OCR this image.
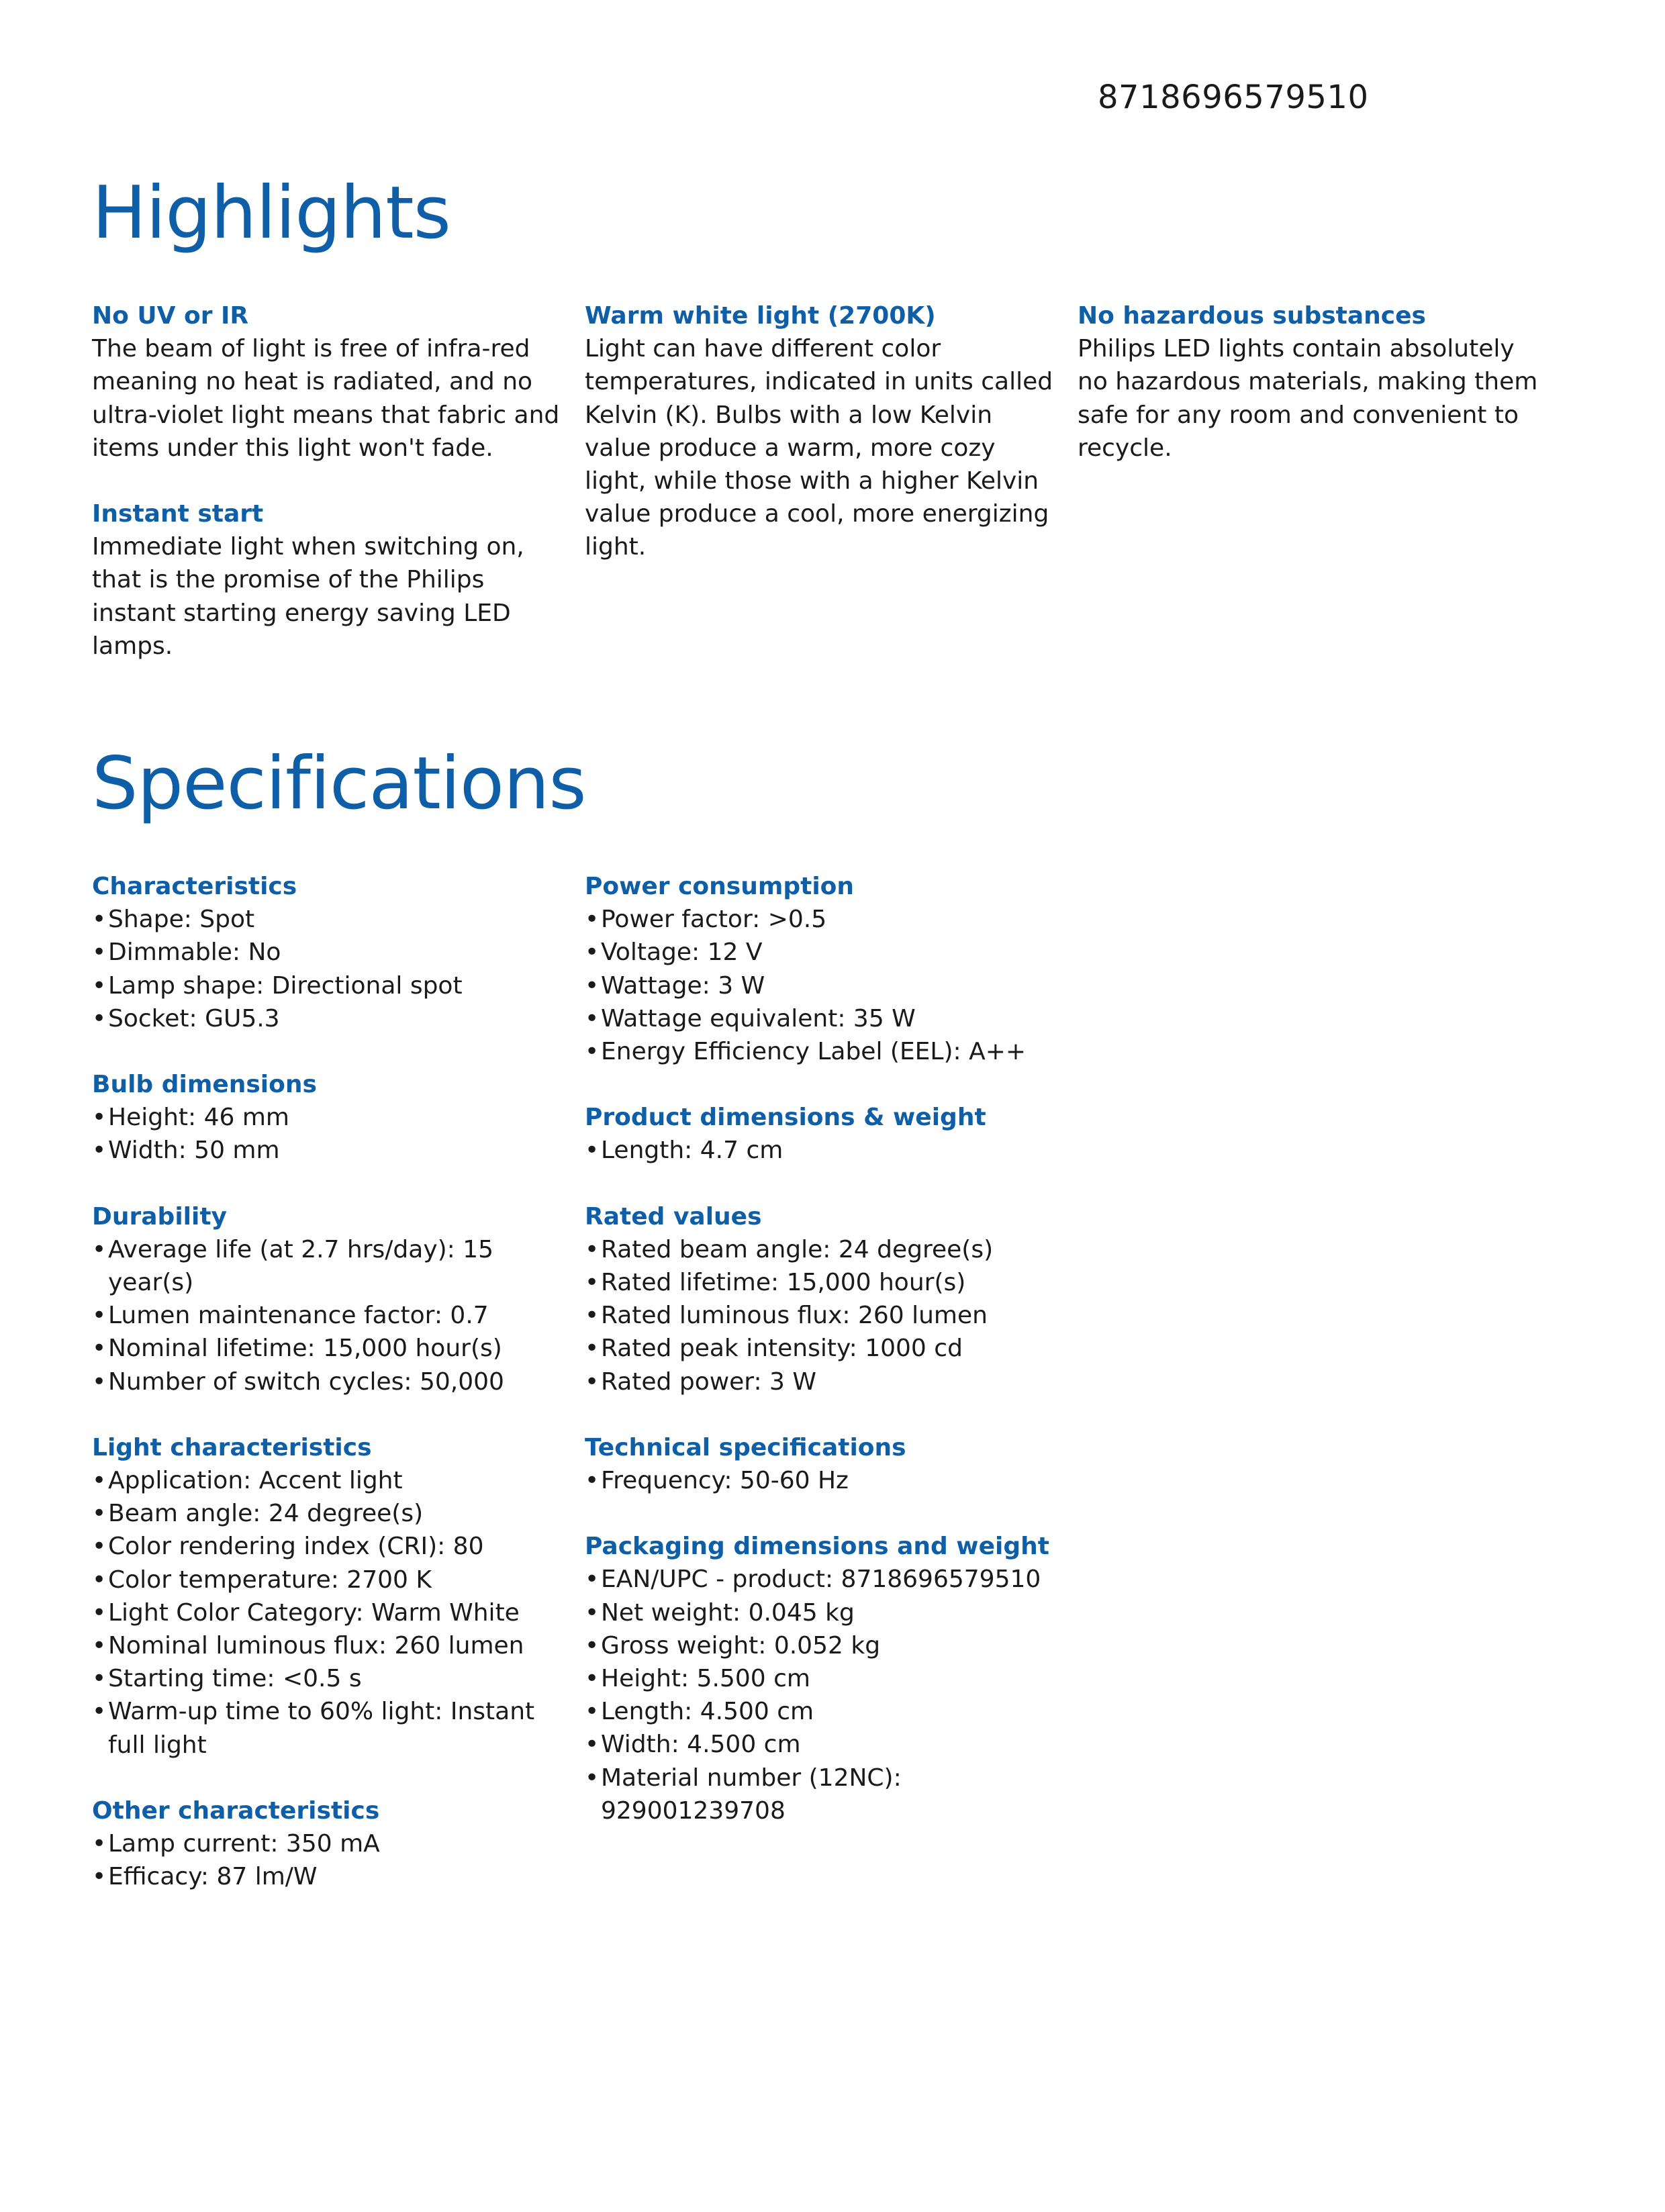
8718696579510
Highlights
No UV or IR

The beam of light is free of infra-red meaning no heat is radiated, and no ultra-violet light means that fabric and items under this light won't fade.

Instant start

Immediate light when switching on, that is the promise of the Philips instant starting energy saving LED lamps.

Warm white light (2700K)

Light can have different color temperatures, indicated in units called Kelvin (K). Bulbs with a low Kelvin value produce a warm, more cozy light, while those with a higher Kelvin value produce a cool, more energizing light.

No hazardous substances

Philips LED lights contain absolutely no hazardous materials, making them safe for any room and convenient to recycle.

Specifications
Characteristics
• Shape: Spot
• Dimmable: No
• Lamp shape: Directional spot
• Socket: GU5.3
Bulb dimensions
• Height: 46 mm
• Width: 50 mm
Durability
• Average life (at 2.7 hrs/day): 15 year(s)
• Lumen maintenance factor: 0.7
• Nominal lifetime: 15,000 hour(s)
• Number of switch cycles: 50,000
Light characteristics
• Application: Accent light
• Beam angle: 24 degree(s)
• Color rendering index (CRI): 80
• Color temperature: 2700 K
• Light Color Category: Warm White
• Nominal luminous flux: 260 lumen
• Starting time: <0.5 s
• Warm-up time to 60% light: Instant full light
Other characteristics
• Lamp current: 350 mA
• Efficacy: 87 lm/W
Power consumption
• Power factor: >0.5
• Voltage: 12 V
• Wattage: 3 W
• Wattage equivalent: 35 W
• Energy Efficiency Label (EEL): A++
Product dimensions & weight
• Length: 4.7 cm
Rated values
• Rated beam angle: 24 degree(s)
• Rated lifetime: 15,000 hour(s)
• Rated luminous flux: 260 lumen
• Rated peak intensity: 1000 cd
• Rated power: 3 W
Technical specifications
• Frequency: 50-60 Hz
Packaging dimensions and weight
• EAN/UPC - product: 8718696579510
• Net weight: 0.045 kg
• Gross weight: 0.052 kg
• Height: 5.500 cm
• Length: 4.500 cm
• Width: 4.500 cm
• Material number (12NC): 929001239708
